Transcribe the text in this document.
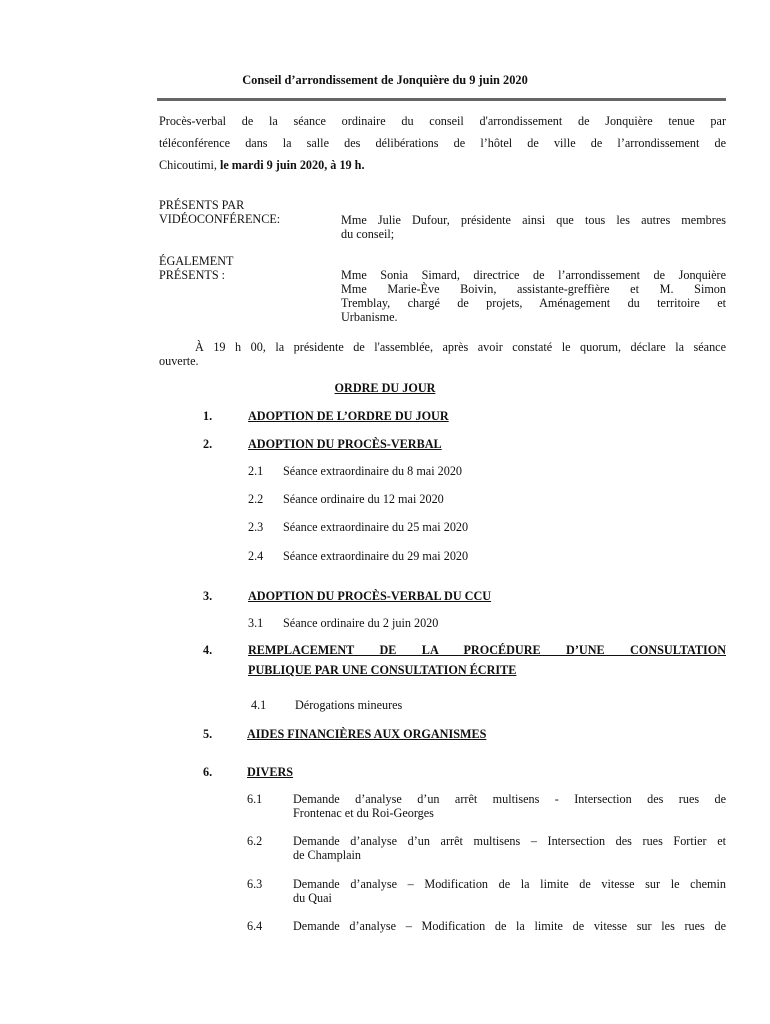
Conseil d’arrondissement de Jonquière du 9 juin 2020
Procès-verbal de la séance ordinaire du conseil d'arrondissement de Jonquière tenue par
téléconférence dans la salle des délibérations de l’hôtel de ville de l’arrondissement de
Chicoutimi, le mardi 9 juin 2020, à 19 h.
PRÉSENTS PAR
VIDÉOCONFÉRENCE:	Mme Julie Dufour, présidente ainsi que tous les autres membres
du conseil;
ÉGALEMENT
PRÉSENTS :	Mme Sonia Simard, directrice de l’arrondissement de Jonquière
Mme Marie-Ève Boivin, assistante-greffière et M. Simon
Tremblay, chargé de projets, Aménagement du territoire et
Urbanisme.
À 19 h 00, la présidente de l'assemblée, après avoir constaté le quorum, déclare la séance
ouverte.
ORDRE DU JOUR
1.	ADOPTION DE L’ORDRE DU JOUR
2.	ADOPTION DU PROCÈS-VERBAL
2.1 Séance extraordinaire du 8 mai 2020
2.2 Séance ordinaire du 12 mai 2020
2.3 Séance extraordinaire du 25 mai 2020
2.4 Séance extraordinaire du 29 mai 2020
3.	ADOPTION DU PROCÈS-VERBAL DU CCU
3.1 Séance ordinaire du 2 juin 2020
4.	REMPLACEMENT DE LA PROCÉDURE D’UNE CONSULTATION
PUBLIQUE PAR UNE CONSULTATION ÉCRITE
4.1 Dérogations mineures
5.	AIDES FINANCIÈRES AUX ORGANISMES
6.	DIVERS
6.1	Demande d’analyse d’un arrêt multisens - Intersection des rues de
Frontenac et du Roi-Georges
6.2	Demande d’analyse d’un arrêt multisens – Intersection des rues Fortier et
de Champlain
6.3	Demande d’analyse – Modification de la limite de vitesse sur le chemin
du Quai
6.4	Demande d’analyse – Modification de la limite de vitesse sur les rues de
